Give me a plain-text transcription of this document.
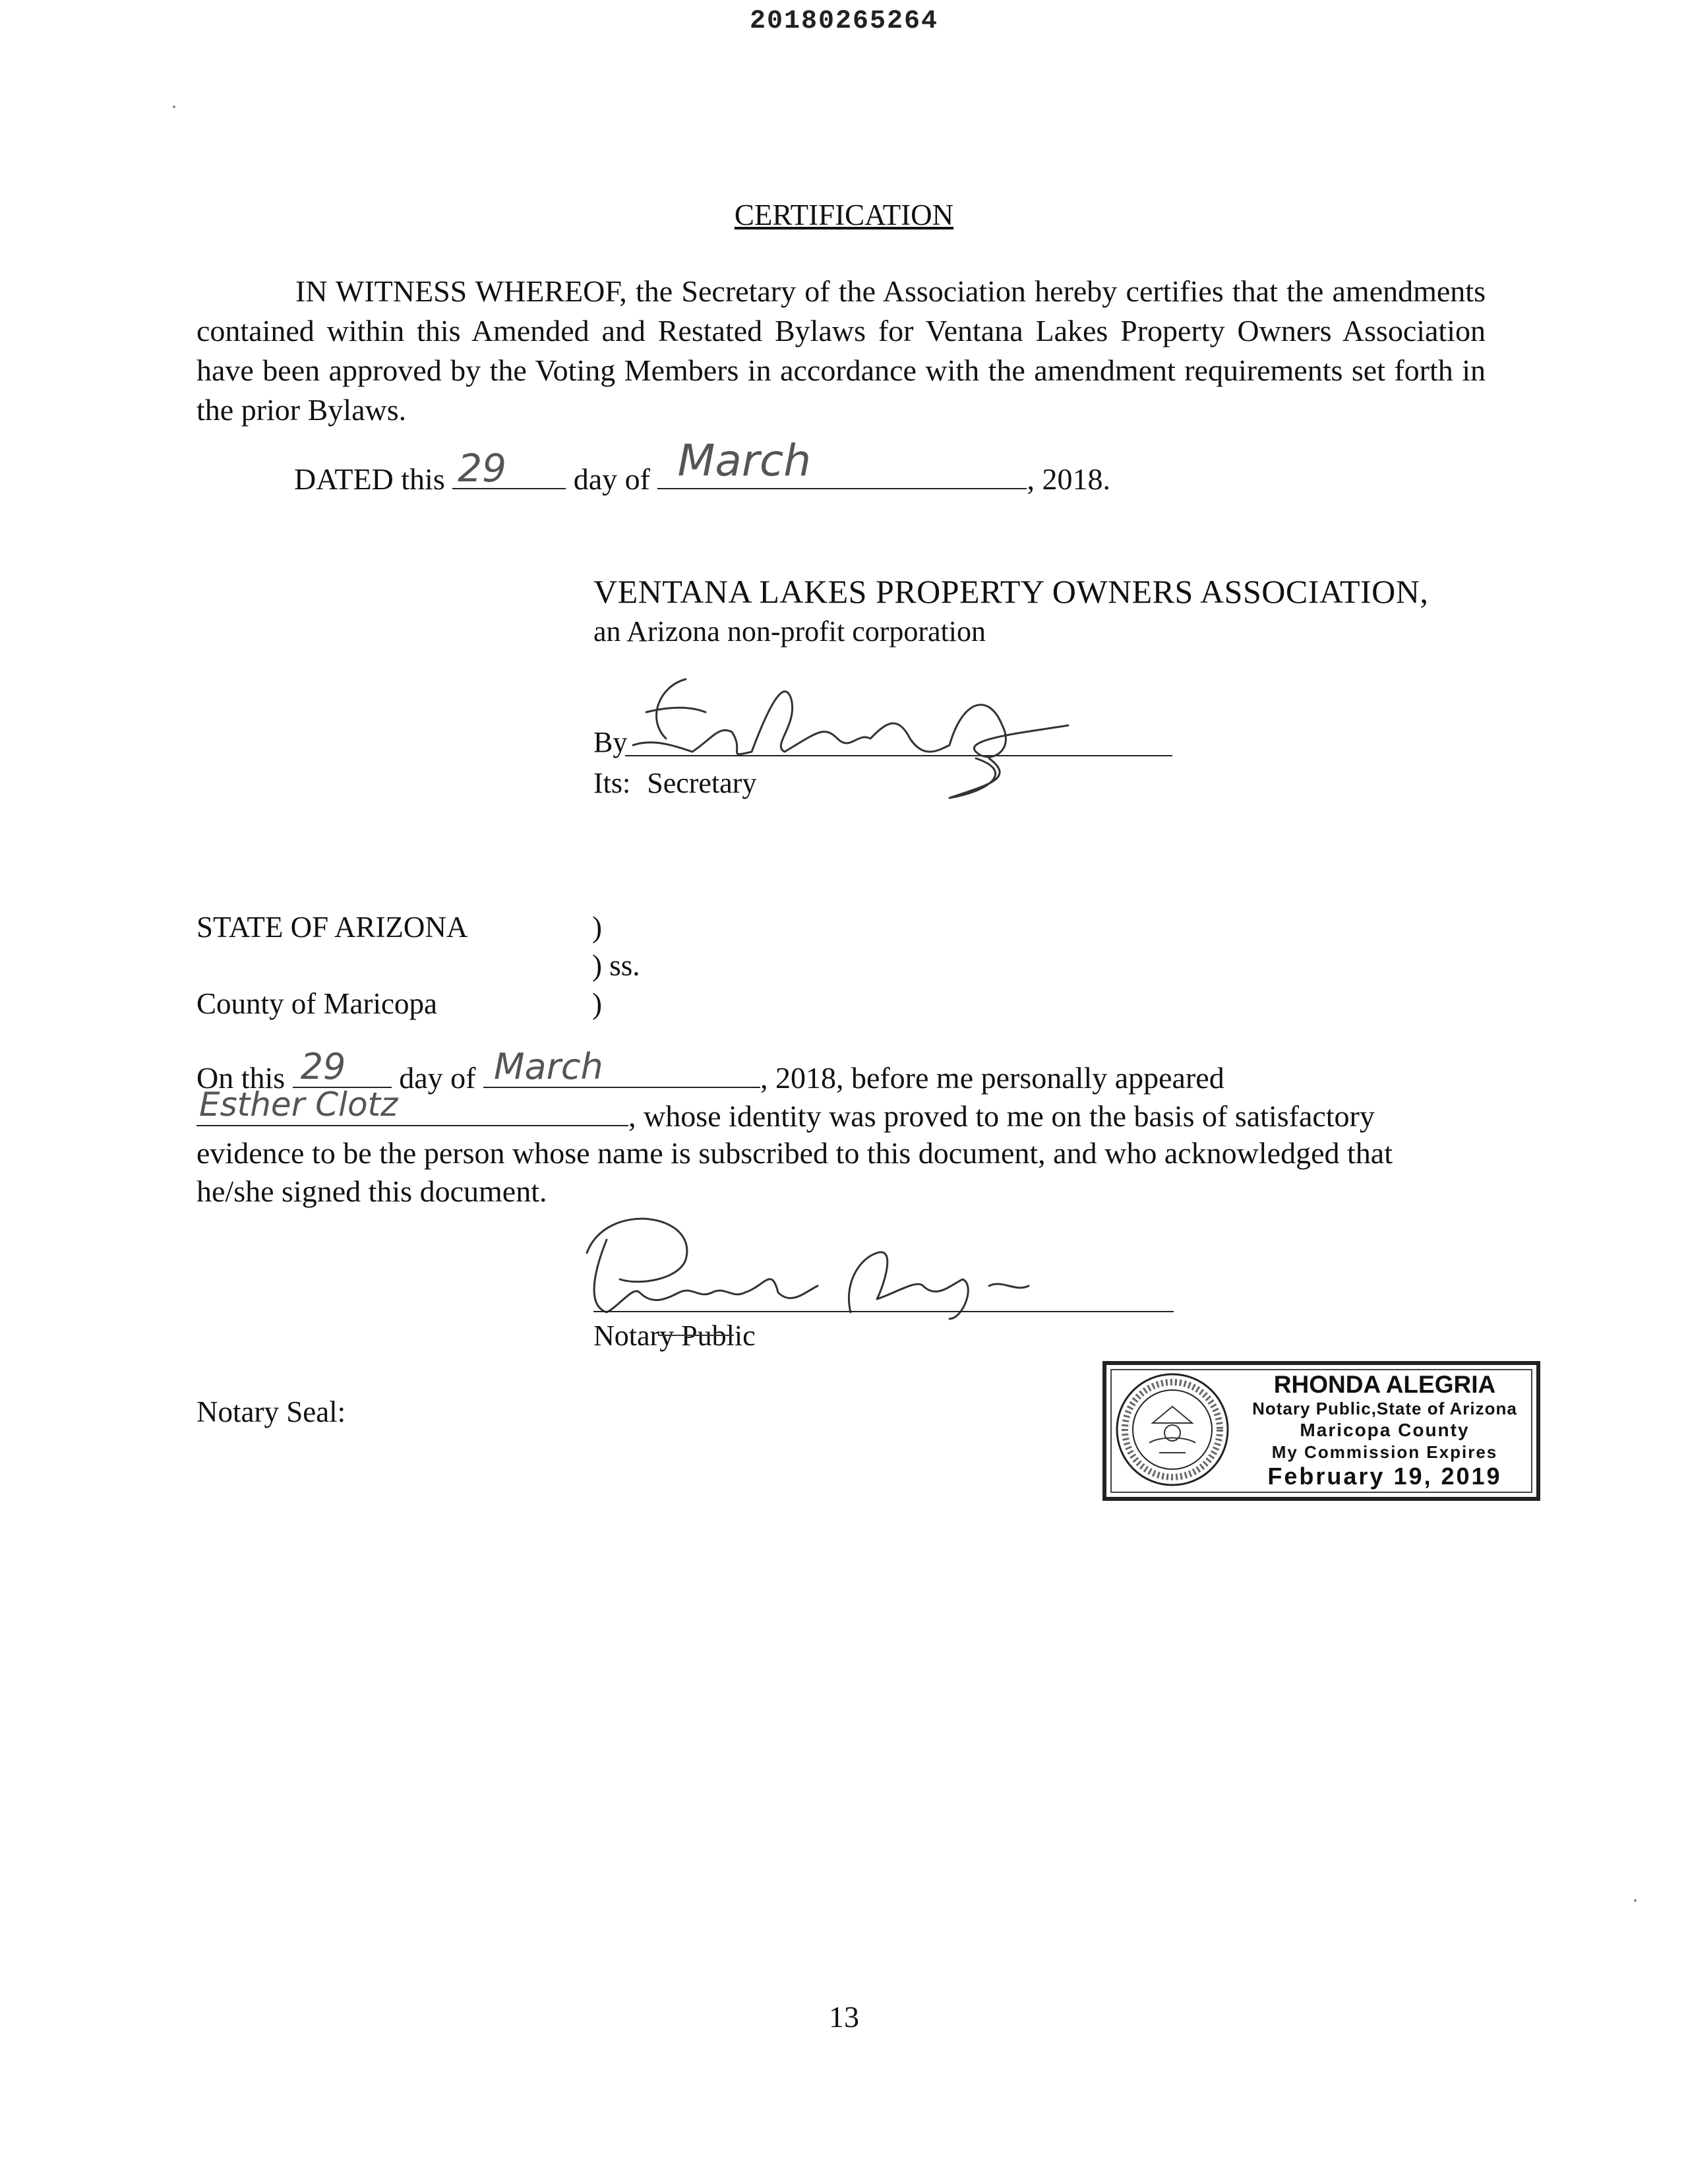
20180265264
CERTIFICATION

IN WITNESS WHEREOF, the Secretary of the Association hereby certifies that the amendments contained within this Amended and Restated Bylaws for Ventana Lakes Property Owners Association have been approved by the Voting Members in accordance with the amendment requirements set forth in the prior Bylaws.

DATED this 29 day of March	, 2018.
VENTANA LAKES PROPERTY OWNERS ASSOCIATION,
an Arizona non-profit corporation
By
Its: Secretary
STATE OF ARIZONA	)
) ss.
County of Maricopa	)
On this 29 day of March	, 2018, before me personally appeared
Esther Clotz	, whose identity was proved to me on the basis of satisfactory
evidence to be the person whose name is subscribed to this document, and who acknowledged that
he/she signed this document.
Notary Public
Notary Seal:
RHONDA ALEGRIA
Notary Public,State of Arizona
Maricopa County
My Commission Expires
February 19, 2019
13
